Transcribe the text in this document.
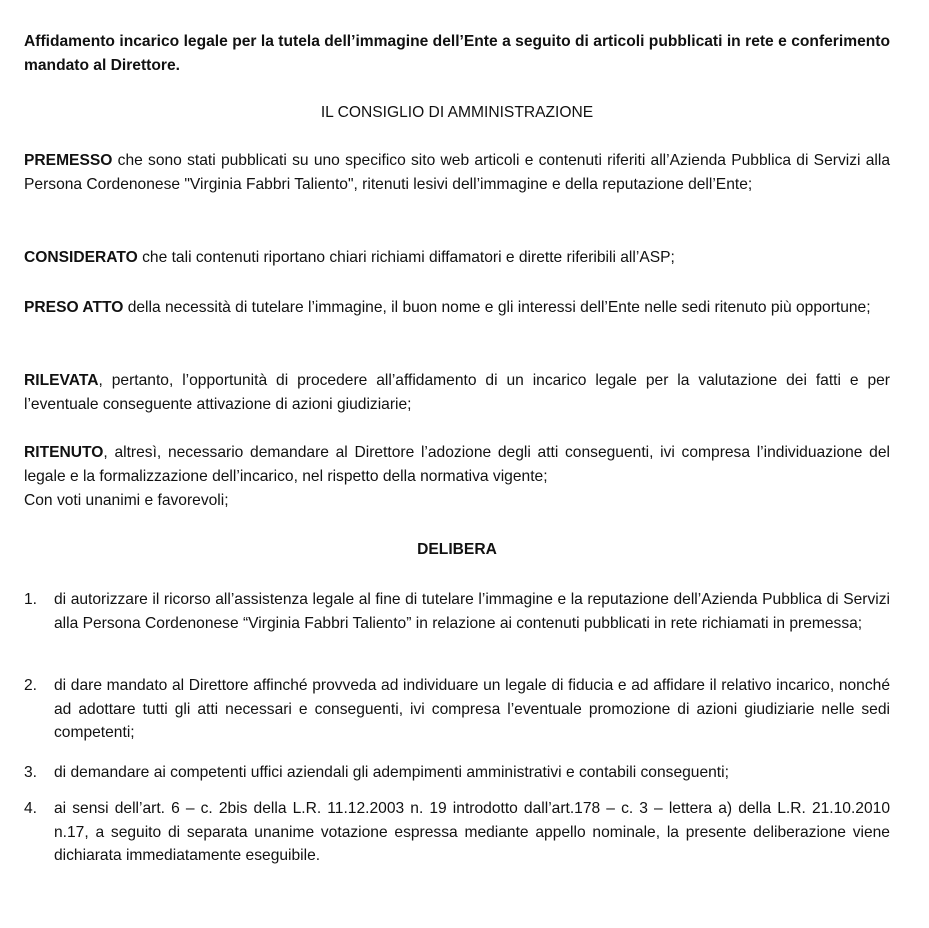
Affidamento incarico legale per la tutela dell’immagine dell’Ente a seguito di articoli pubblicati in rete e conferimento mandato al Direttore.
IL CONSIGLIO DI AMMINISTRAZIONE
PREMESSO che sono stati pubblicati su uno specifico sito web articoli e contenuti riferiti all’Azienda Pubblica di Servizi alla Persona Cordenonese "Virginia Fabbri Taliento", ritenuti lesivi dell’immagine e della reputazione dell’Ente;
CONSIDERATO che tali contenuti riportano chiari richiami diffamatori e dirette riferibili all’ASP;
PRESO ATTO della necessità di tutelare l’immagine, il buon nome e gli interessi dell’Ente nelle sedi ritenuto più opportune;
RILEVATA, pertanto, l’opportunità di procedere all’affidamento di un incarico legale per la valutazione dei fatti e per l’eventuale conseguente attivazione di azioni giudiziarie;
RITENUTO, altresì, necessario demandare al Direttore l’adozione degli atti conseguenti, ivi compresa l’individuazione del legale e la formalizzazione dell’incarico, nel rispetto della normativa vigente;
Con voti unanimi e favorevoli;
DELIBERA
1.	di autorizzare il ricorso all’assistenza legale al fine di tutelare l’immagine e la reputazione dell’Azienda Pubblica di Servizi alla Persona Cordenonese “Virginia Fabbri Taliento” in relazione ai contenuti pubblicati in rete richiamati in premessa;
2.	di dare mandato al Direttore affinché provveda ad individuare un legale di fiducia e ad affidare il relativo incarico, nonché ad adottare tutti gli atti necessari e conseguenti, ivi compresa l’eventuale promozione di azioni giudiziarie nelle sedi competenti;
3.	di demandare ai competenti uffici aziendali gli adempimenti amministrativi e contabili conseguenti;
4.	ai sensi dell’art. 6 – c. 2bis della L.R. 11.12.2003 n. 19 introdotto dall’art.178 – c. 3 – lettera a) della L.R. 21.10.2010 n.17, a seguito di separata unanime votazione espressa mediante appello nominale, la presente deliberazione viene dichiarata immediatamente eseguibile.
